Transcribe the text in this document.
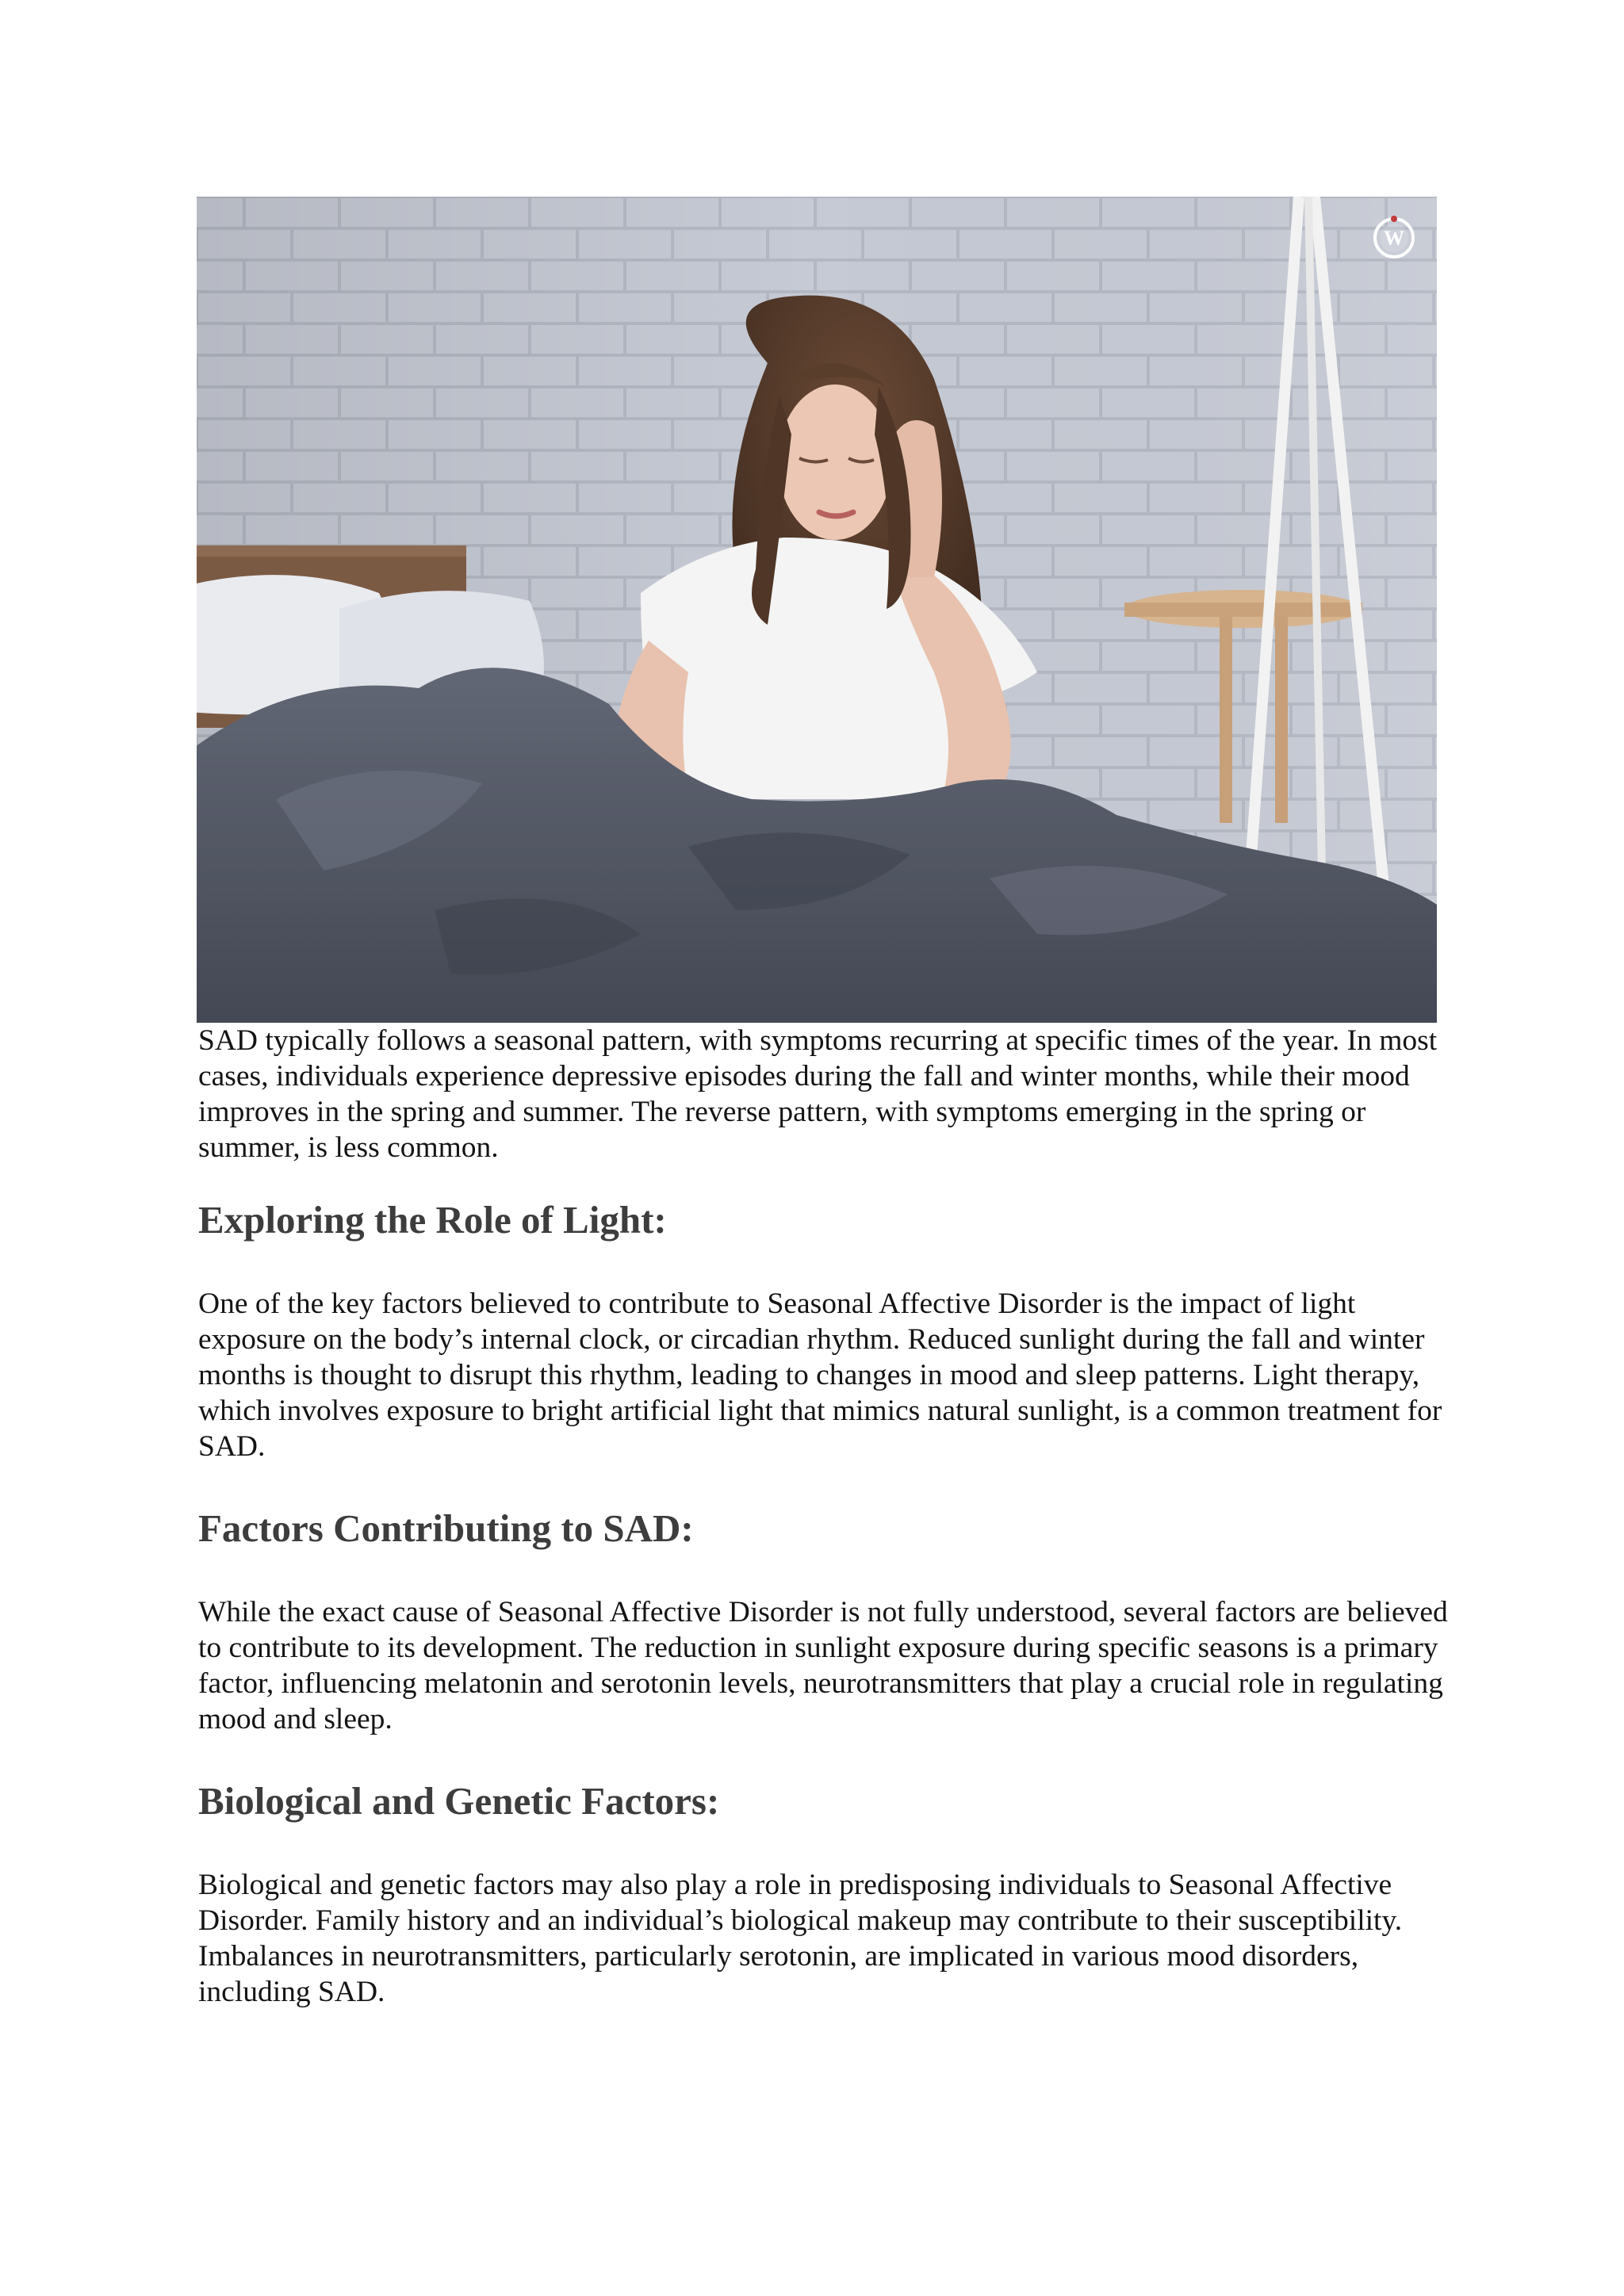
W

SAD typically follows a seasonal pattern, with symptoms recurring at specific times of the year. In most cases, individuals experience depressive episodes during the fall and winter months, while their mood improves in the spring and summer. The reverse pattern, with symptoms emerging in the spring or summer, is less common.

Exploring the Role of Light:

One of the key factors believed to contribute to Seasonal Affective Disorder is the impact of light exposure on the body’s internal clock, or circadian rhythm. Reduced sunlight during the fall and winter months is thought to disrupt this rhythm, leading to changes in mood and sleep patterns. Light therapy, which involves exposure to bright artificial light that mimics natural sunlight, is a common treatment for SAD.

Factors Contributing to SAD:

While the exact cause of Seasonal Affective Disorder is not fully understood, several factors are believed to contribute to its development. The reduction in sunlight exposure during specific seasons is a primary factor, influencing melatonin and serotonin levels, neurotransmitters that play a crucial role in regulating mood and sleep.

Biological and Genetic Factors:

Biological and genetic factors may also play a role in predisposing individuals to Seasonal Affective Disorder. Family history and an individual’s biological makeup may contribute to their susceptibility. Imbalances in neurotransmitters, particularly serotonin, are implicated in various mood disorders, including SAD.
